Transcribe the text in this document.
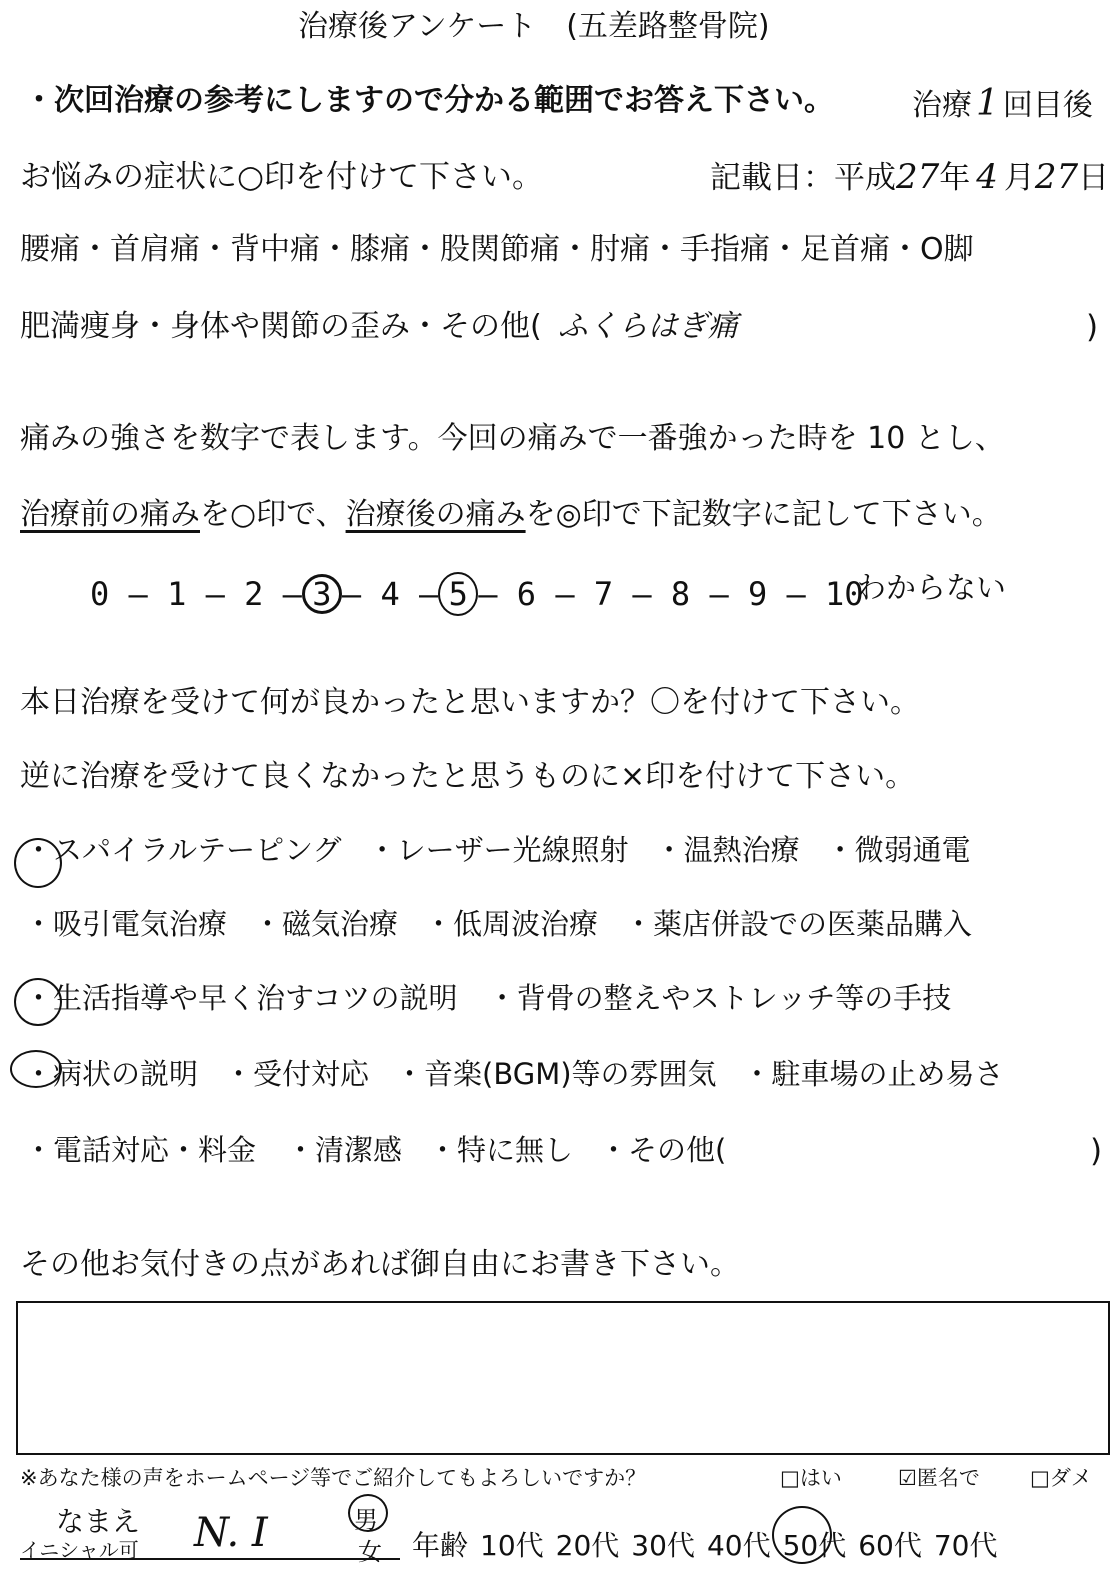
治療後アンケート　(五差路整骨院)
・次回治療の参考にしますので分かる範囲でお答え下さい。	治療 1 回目後
お悩みの症状に○印を付けて下さい。	記載日：平成27年 4 月27日
腰痛・首肩痛・背中痛・膝痛・股関節痛・肘痛・手指痛・足首痛・O脚
肥満痩身・身体や関節の歪み・その他( ふくらはぎ痛	)
痛みの強さを数字で表します。今回の痛みで一番強かった時を 10 とし、
治療前の痛みを○印で、治療後の痛みを◎印で下記数字に記して下さい。
0 — 1 — 2 — 3 — 4 — 5 — 6 — 7 — 8 — 9 — 10
わからない
本日治療を受けて何が良かったと思いますか？〇を付けて下さい。
逆に治療を受けて良くなかったと思うものに×印を付けて下さい。
・スパイラルテーピング ・レーザー光線照射 ・温熱治療 ・微弱通電
・吸引電気治療 ・磁気治療 ・低周波治療 ・薬店併設での医薬品購入
・生活指導や早く治すコツの説明 ・背骨の整えやストレッチ等の手技
・病状の説明 ・受付対応 ・音楽(BGM)等の雰囲気 ・駐車場の止め易さ
・電話対応・料金 ・清潔感 ・特に無し ・その他(	)
その他お気付きの点があれば御自由にお書き下さい。
※あなた様の声をホームページ等でご紹介してもよろしいですか？	□はい	☑匿名で □ダメ
なまえ
イニシャル可 N. I	男
女 年齢 10代 20代 30代 40代 50代 60代 70代
